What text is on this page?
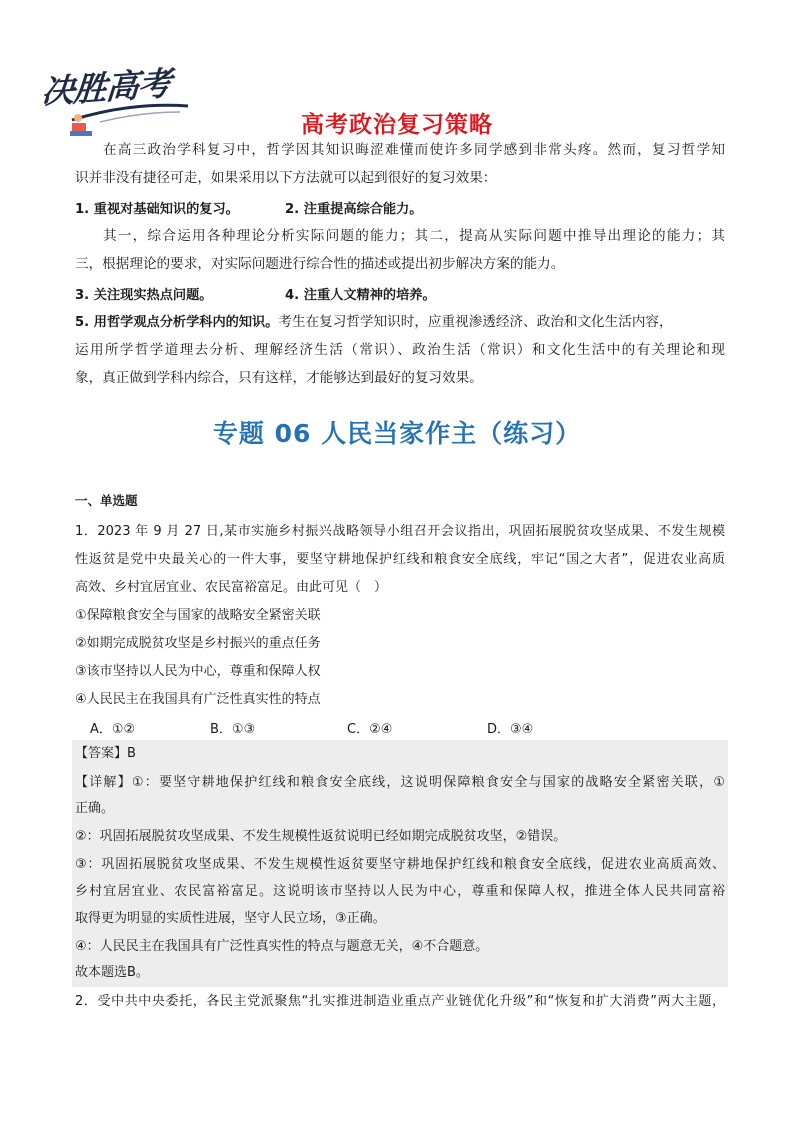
决胜高考
高考政治复习策略
在高三政治学科复习中，哲学因其知识晦涩难懂而使许多同学感到非常头疼。然而，复习哲学知
识并非没有捷径可走，如果采用以下方法就可以起到很好的复习效果：
1. 重视对基础知识的复习。	2. 注重提高综合能力。
其一，综合运用各种理论分析实际问题的能力；其二，提高从实际问题中推导出理论的能力；其
三，根据理论的要求，对实际问题进行综合性的描述或提出初步解决方案的能力。
3. 关注现实热点问题。	4. 注重人文精神的培养。
5. 用哲学观点分析学科内的知识。考生在复习哲学知识时，应重视渗透经济、政治和文化生活内容，
运用所学哲学道理去分析、理解经济生活（常识）、政治生活（常识）和文化生活中的有关理论和现
象，真正做到学科内综合，只有这样，才能够达到最好的复习效果。
专题 06 人民当家作主（练习）
一、单选题
1．2023 年 9 月 27 日,某市实施乡村振兴战略领导小组召开会议指出，巩固拓展脱贫攻坚成果、不发生规模
性返贫是党中央最关心的一件大事，要坚守耕地保护红线和粮食安全底线，牢记“国之大者”，促进农业高质
高效、乡村宜居宜业、农民富裕富足。由此可见（　）
①保障粮食安全与国家的战略安全紧密关联
②如期完成脱贫攻坚是乡村振兴的重点任务
③该市坚持以人民为中心，尊重和保障人权
④人民民主在我国具有广泛性真实性的特点
A．①②	B．①③	C．②④	D．③④
【答案】B
【详解】①：要坚守耕地保护红线和粮食安全底线，这说明保障粮食安全与国家的战略安全紧密关联，①
正确。
②：巩固拓展脱贫攻坚成果、不发生规模性返贫说明已经如期完成脱贫攻坚，②错误。
③：巩固拓展脱贫攻坚成果、不发生规模性返贫要坚守耕地保护红线和粮食安全底线，促进农业高质高效、
乡村宜居宜业、农民富裕富足。这说明该市坚持以人民为中心，尊重和保障人权，推进全体人民共同富裕
取得更为明显的实质性进展，坚守人民立场，③正确。
④：人民民主在我国具有广泛性真实性的特点与题意无关，④不合题意。
故本题选B。
2．受中共中央委托，各民主党派聚焦“扎实推进制造业重点产业链优化升级”和“恢复和扩大消费”两大主题，
